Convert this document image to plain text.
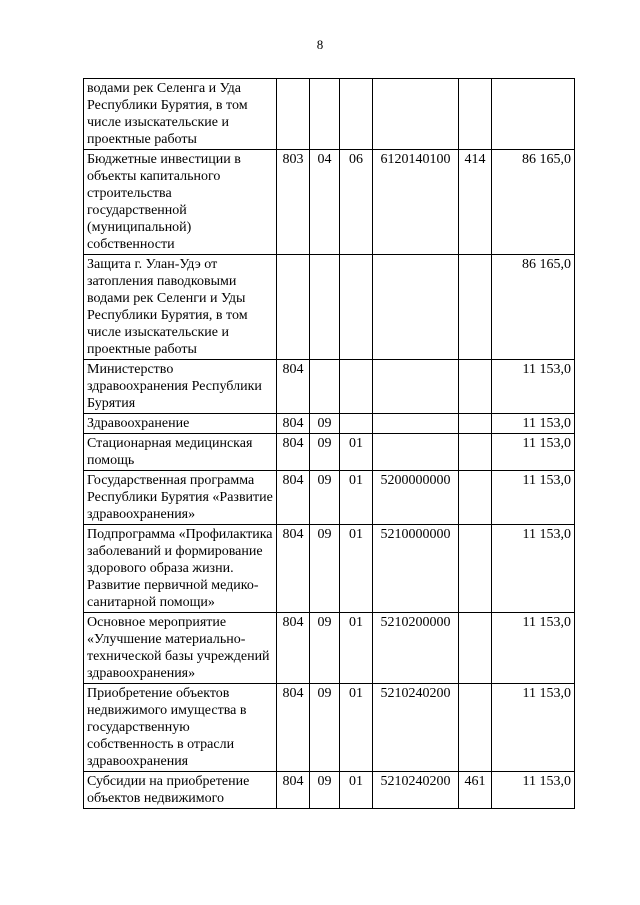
8
водами рек Селенга и Уда Республики Бурятия, в том числе изыскательские и проектные работы						
Бюджетные инвестиции в объекты капитального строительства государственной (муниципальной) собственности	803	04	06	6120140100	414	86 165,0
Защита г. Улан-Удэ от затопления паводковыми водами рек Селенги и Уды Республики Бурятия, в том числе изыскательские и проектные работы						86 165,0
Министерство здравоохранения Республики Бурятия	804					11 153,0
Здравоохранение	804	09				11 153,0
Стационарная медицинская помощь	804	09	01			11 153,0
Государственная программа Республики Бурятия «Развитие здравоохранения»	804	09	01	5200000000		11 153,0
Подпрограмма «Профилактика заболеваний и формирование здорового образа жизни. Развитие первичной медико-санитарной помощи»	804	09	01	5210000000		11 153,0
Основное мероприятие «Улучшение материально-технической базы учреждений здравоохранения»	804	09	01	5210200000		11 153,0
Приобретение объектов недвижимого имущества в государственную собственность в отрасли здравоохранения	804	09	01	5210240200		11 153,0
Субсидии на приобретение объектов недвижимого	804	09	01	5210240200	461	11 153,0
